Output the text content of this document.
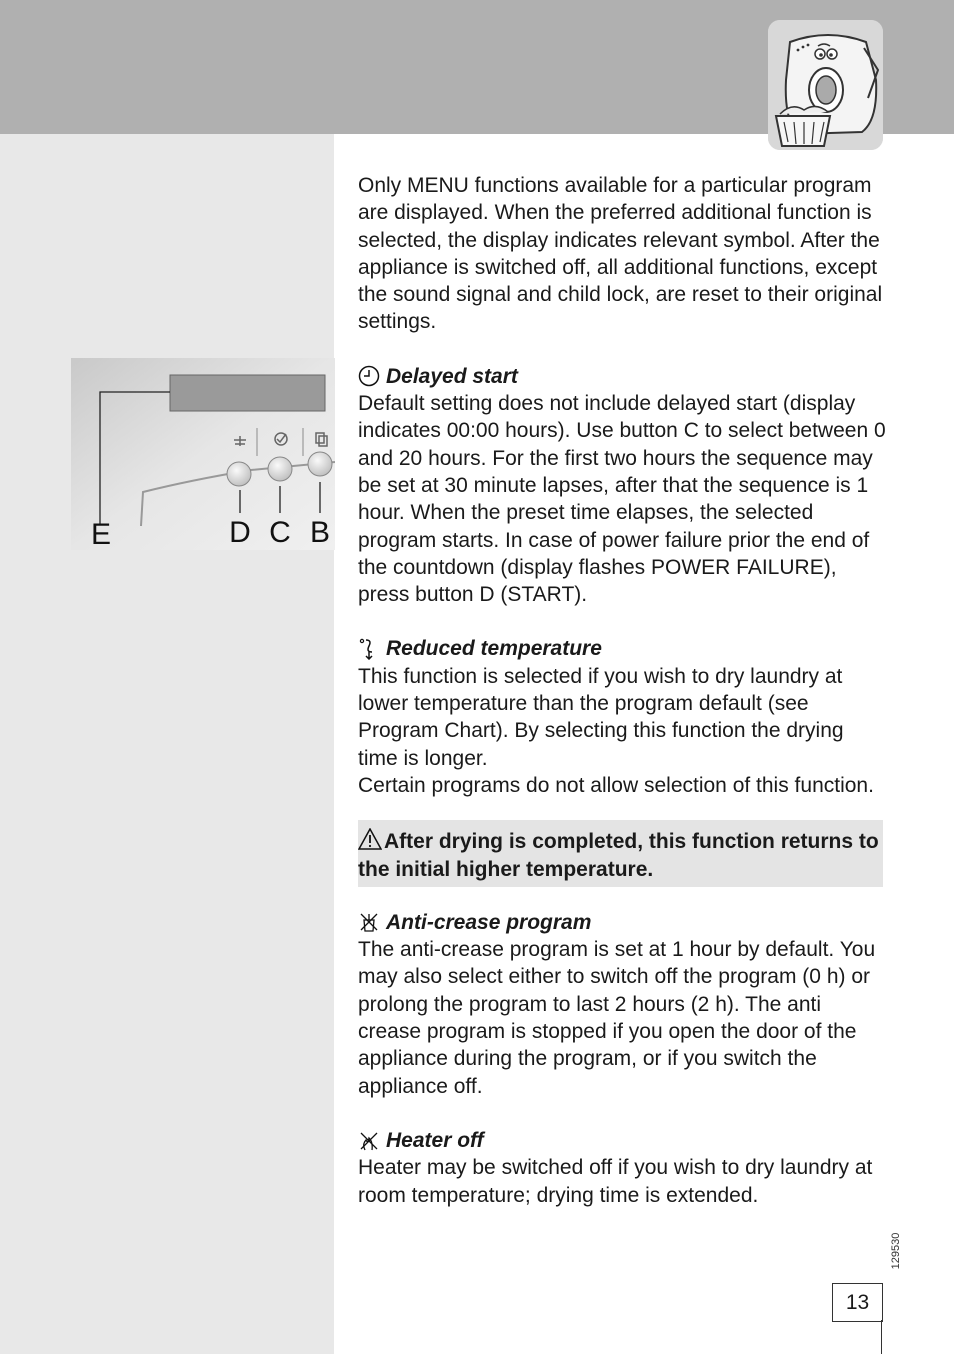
E	D C B

Only MENU functions available for a particular program are displayed. When the preferred additional function is selected, the display indicates relevant symbol. After the appliance is switched off, all additional functions, except the sound signal and child lock, are reset to their original settings.

Delayed start

Default setting does not include delayed start (display indicates 00:00 hours). Use button C to select between 0 and 20 hours. For the first two hours the sequence may be set at 30 minute lapses, after that the sequence is 1 hour. When the preset time elapses, the selected program starts. In case of power failure prior the end of the countdown (display flashes POWER FAILURE), press button D (START).

Reduced temperature

This function is selected if you wish to dry laundry at lower temperature than the program default (see Program Chart). By selecting this function the drying time is longer.

Certain programs do not allow selection of this function.

After drying is completed, this function returns to the initial higher temperature.
Anti-crease program

The anti-crease program is set at 1 hour by default. You may also select either to switch off the program (0 h) or prolong the program to last 2 hours (2 h). The anti crease program is stopped if you open the door of the appliance during the program, or if you switch the appliance off.

Heater off

Heater may be switched off if you wish to dry laundry at room temperature; drying time is extended.

129530
13
